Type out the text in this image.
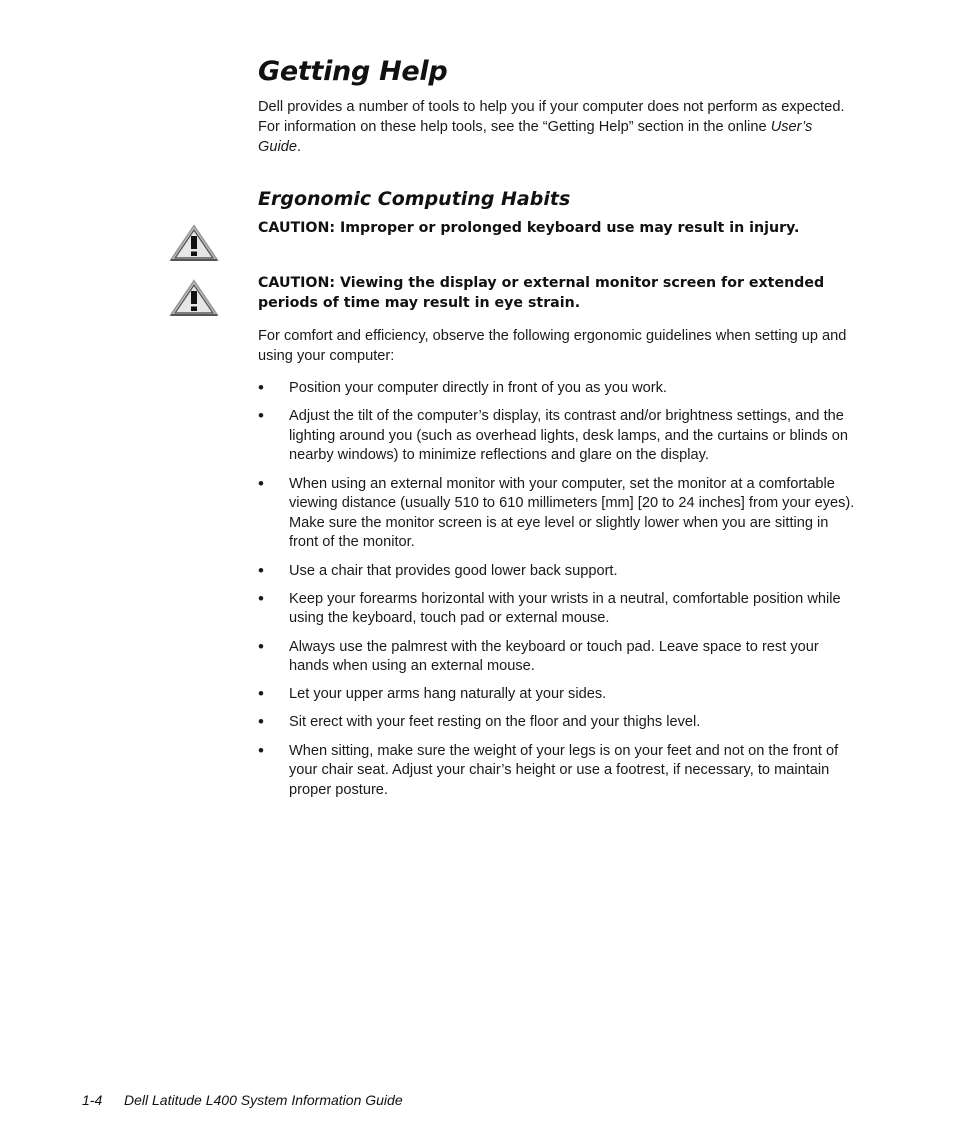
Getting Help

Dell provides a number of tools to help you if your computer does not perform as expected. For information on these help tools, see the “Getting Help” section in the online User’s Guide.

Ergonomic Computing Habits

CAUTION: Improper or prolonged keyboard use may result in injury.

CAUTION: Viewing the display or external monitor screen for extended periods of time may result in eye strain.

For comfort and efficiency, observe the following ergonomic guidelines when setting up and using your computer:

• Position your computer directly in front of you as you work.
• Adjust the tilt of the computer’s display, its contrast and/or brightness settings, and the lighting around you (such as overhead lights, desk lamps, and the curtains or blinds on nearby windows) to minimize reflections and glare on the display.
• When using an external monitor with your computer, set the monitor at a comfortable viewing distance (usually 510 to 610 millimeters [mm] [20 to 24 inches] from your eyes). Make sure the monitor screen is at eye level or slightly lower when you are sitting in front of the monitor.
• Use a chair that provides good lower back support.
• Keep your forearms horizontal with your wrists in a neutral, comfortable position while using the keyboard, touch pad or external mouse.
• Always use the palmrest with the keyboard or touch pad. Leave space to rest your hands when using an external mouse.
• Let your upper arms hang naturally at your sides.
• Sit erect with your feet resting on the floor and your thighs level.
• When sitting, make sure the weight of your legs is on your feet and not on the front of your chair seat. Adjust your chair’s height or use a footrest, if necessary, to maintain proper posture.
1-4 Dell Latitude L400 System Information Guide
